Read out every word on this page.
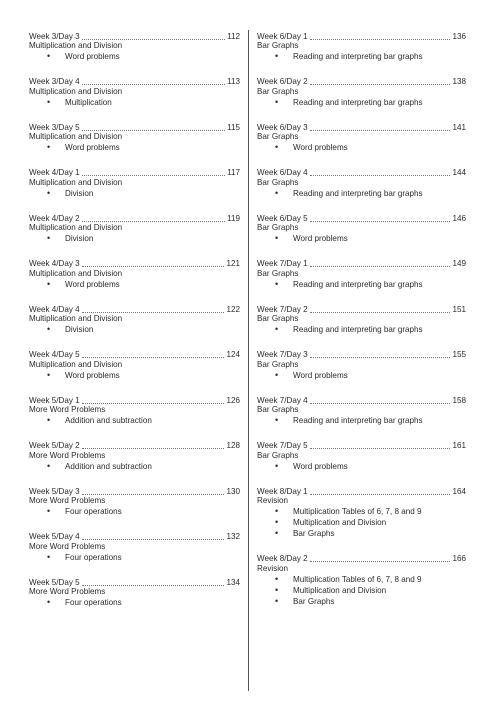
Week 3/Day 3	112
Multiplication and Division
• Word problems
Week 3/Day 4	113
Multiplication and Division
• Multiplication
Week 3/Day 5	115
Multiplication and Division
• Word problems
Week 4/Day 1	117
Multiplication and Division
• Division
Week 4/Day 2	119
Multiplication and Division
• Division
Week 4/Day 3	121
Multiplication and Division
• Word problems
Week 4/Day 4	122
Multiplication and Division
• Division
Week 4/Day 5	124
Multiplication and Division
• Word problems
Week 5/Day 1	126
More Word Problems
• Addition and subtraction
Week 5/Day 2	128
More Word Problems
• Addition and subtraction
Week 5/Day 3	130
More Word Problems
• Four operations
Week 5/Day 4	132
More Word Problems
• Four operations
Week 5/Day 5	134
More Word Problems
• Four operations
Week 6/Day 1	136
Bar Graphs
• Reading and interpreting bar graphs
Week 6/Day 2	138
Bar Graphs
• Reading and interpreting bar graphs
Week 6/Day 3	141
Bar Graphs
• Word problems
Week 6/Day 4	144
Bar Graphs
• Reading and interpreting bar graphs
Week 6/Day 5	146
Bar Graphs
• Word problems
Week 7/Day 1	149
Bar Graphs
• Reading and interpreting bar graphs
Week 7/Day 2	151
Bar Graphs
• Reading and interpreting bar graphs
Week 7/Day 3	155
Bar Graphs
• Word problems
Week 7/Day 4	158
Bar Graphs
• Reading and interpreting bar graphs
Week 7/Day 5	161
Bar Graphs
• Word problems
Week 8/Day 1	164
Revision
• Multiplication Tables of 6, 7, 8 and 9
• Multiplication and Division
• Bar Graphs
Week 8/Day 2	166
Revision
• Multiplication Tables of 6, 7, 8 and 9
• Multiplication and Division
• Bar Graphs
